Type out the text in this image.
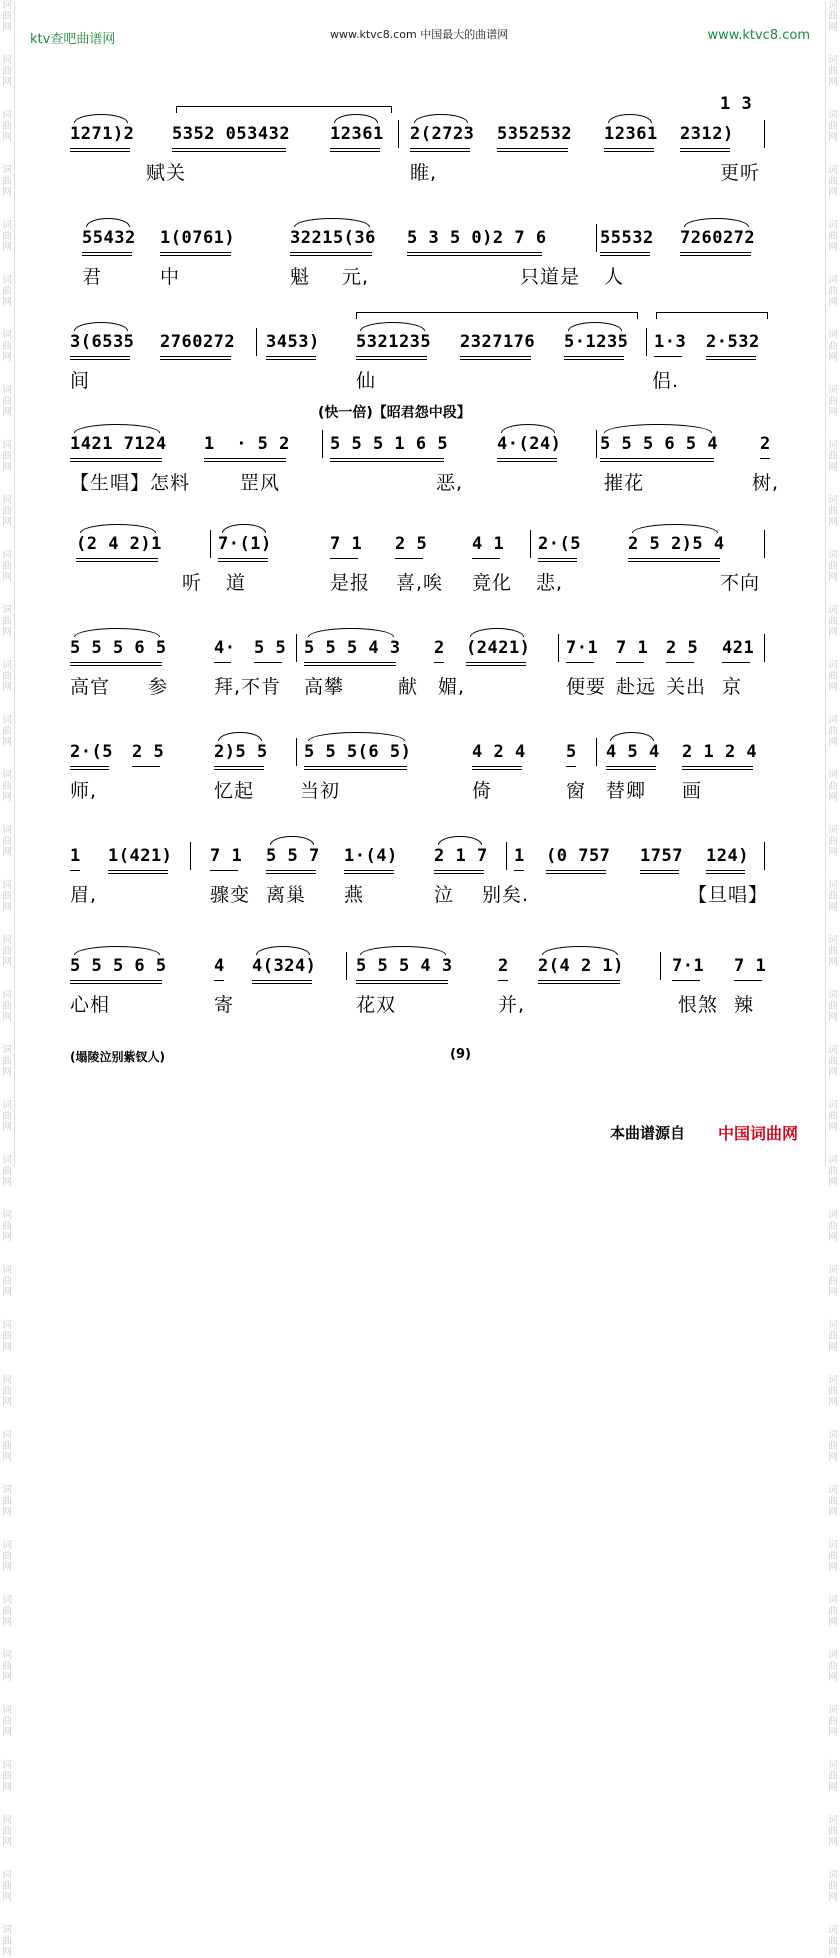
词
曲
网
词
曲
网
词
曲
网
词
曲
网
词
曲
网
词
曲
网
词
曲
网
词
曲
网
词
曲
网
词
曲
网
词
曲
网
词
曲
网
词
曲
网
词
曲
网
词
曲
网
词
曲
网
词
曲
网
词
曲
网
词
曲
网
词
曲
网
词
曲
网
词
曲
网
词
曲
网
词
曲
网
词
曲
网
词
曲
网
词
曲
网
词
曲
网
词
曲
网
词
曲
网
词
曲
网
词
曲
网
词
曲
网
词
曲
网
词
曲
网
词
曲
网
词
曲
网
词
曲
网
词
曲
网
词
曲
网
词
曲
网
词
曲
网
词
曲
网
词
曲
网
词
曲
网
词
曲
网
词
曲
网
词
曲
网
词
曲
网
词
曲
网
词
曲
网
词
曲
网
词
曲
网
词
曲
网
词
曲
网
词
曲
网
词
曲
网
词
曲
网
词
曲
网
词
曲
网
词
曲
网
词
曲
网
词
曲
网
词
曲
网
词
曲
网
词
曲
网
词
曲
网
词
曲
网
词
曲
网
词
曲
网
词
曲
网
词
曲
网
ktv查吧曲谱网	www.ktvc8.com 中国最大的曲谱网	www.ktvc8.com
1 3
1271)2 5352 053432 12361 2(2723 5352532 12361 2312)
赋关	睢,	更听
55432 1(0761)	32215(36 5 3 5 0)2 7 6	55532 7260272
君	中	魁 元,	只道是 人
3(6535 2760272 3453) 5321235 2327176 5·1235 1·3 2·532
间	仙	侣.
(快一倍)【昭君怨中段】
1421 7124 1  · 5 2 5 5 5 1 6 5	4·(24) 5 5 5 6 5 4 2
【生唱】怎料	罡风	恶,	摧花	树,
(2 4 2)1	7·(1)	7 1 2 5	4 1 2·(5	2 5 2)5 4
听 道	是报 喜,唉 竟化 悲,	不向
5 5 5 6 5	4· 5 5 5 5 5 4 3 2 (2421) 7·1 7 1 2 5 421
高官 参 拜,不肯 高攀	献 媚,	便要 赴远 关出 京
2·(5 2 5	2)5 5 5 5 5(6 5)	4 2 4 5 4 5 4 2 1 2 4
师,	忆起 当初	倚	窗 替卿 画
1 1(421) 7 1 5 5 7 1·(4) 2 1 7 1 (0 757 1757 124)
眉,	骤变 离巢 燕	泣 别矣.	【旦唱】
5 5 5 6 5	4 4(324) 5 5 5 4 3	2 2(4 2 1)	7·1 7 1
心相	寄	花双	并,	恨煞 辣
(塌陵泣别紫钗人)	(9)
本曲谱源自 中国词曲网
